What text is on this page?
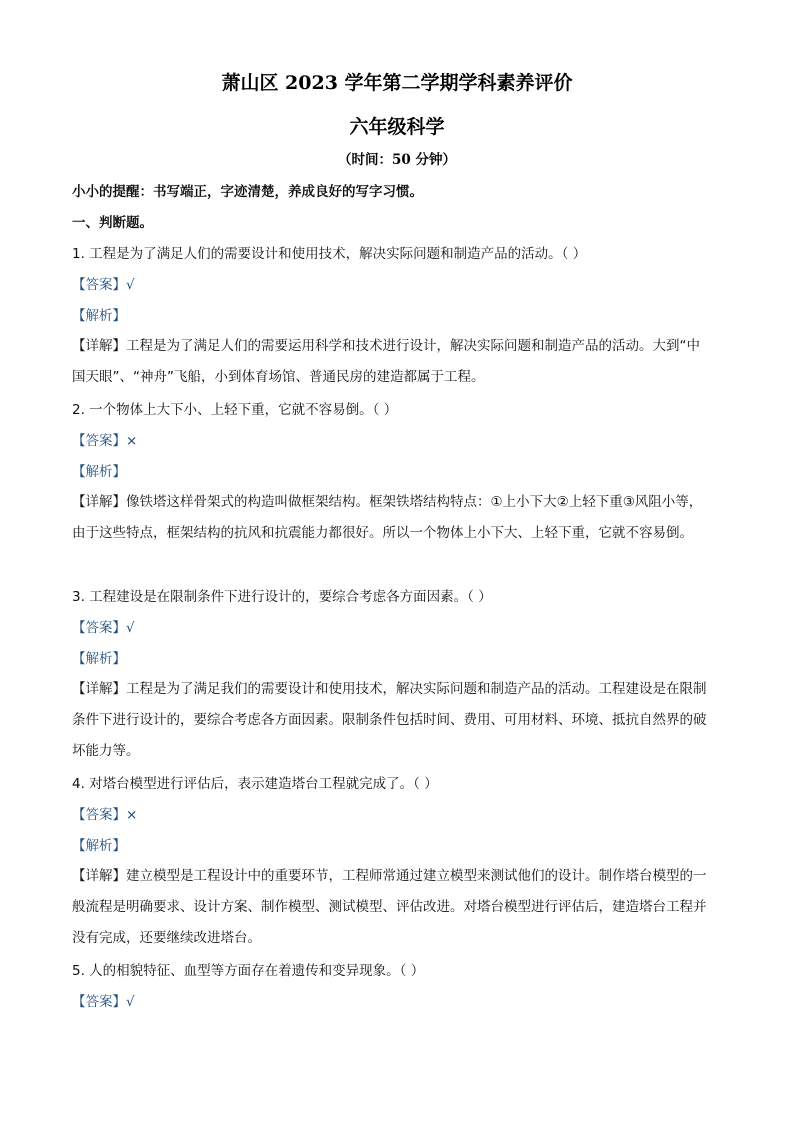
萧山区 2023 学年第二学期学科素养评价
六年级科学
（时间：50 分钟）
小小的提醒：书写端正，字迹清楚，养成良好的写字习惯。
一、判断题。
1. 工程是为了满足人们的需要设计和使用技术，解决实际问题和制造产品的活动。（ ）
【答案】√
【解析】
【详解】工程是为了满足人们的需要运用科学和技术进行设计，解决实际问题和制造产品的活动。大到“中国天眼”、“神舟”飞船，小到体育场馆、普通民房的建造都属于工程。
2. 一个物体上大下小、上轻下重，它就不容易倒。（ ）
【答案】×
【解析】
【详解】像铁塔这样骨架式的构造叫做框架结构。框架铁塔结构特点：①上小下大②上轻下重③风阻小等，由于这些特点，框架结构的抗风和抗震能力都很好。所以一个物体上小下大、上轻下重，它就不容易倒。
3. 工程建设是在限制条件下进行设计的，要综合考虑各方面因素。（ ）
【答案】√
【解析】
【详解】工程是为了满足我们的需要设计和使用技术，解决实际问题和制造产品的活动。工程建设是在限制条件下进行设计的，要综合考虑各方面因素。限制条件包括时间、费用、可用材料、环境、抵抗自然界的破坏能力等。
4. 对塔台模型进行评估后，表示建造塔台工程就完成了。（ ）
【答案】×
【解析】
【详解】建立模型是工程设计中的重要环节，工程师常通过建立模型来测试他们的设计。制作塔台模型的一般流程是明确要求、设计方案、制作模型、测试模型、评估改进。对塔台模型进行评估后，建造塔台工程并没有完成，还要继续改进塔台。
5. 人的相貌特征、血型等方面存在着遗传和变异现象。（ ）
【答案】√
